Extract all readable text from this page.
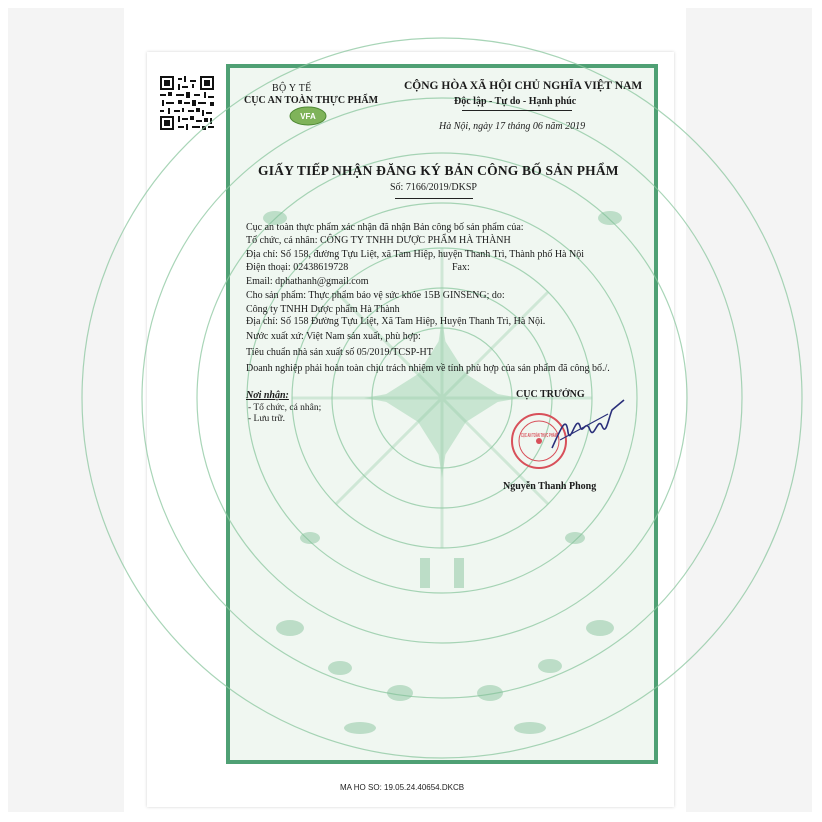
BỘ Y TẾ
CỤC AN TOÀN THỰC PHẨM
VFA
CỘNG HÒA XÃ HỘI CHỦ NGHĨA VIỆT NAM
Độc lập - Tự do - Hạnh phúc
Hà Nội, ngày 17 tháng 06 năm 2019
GIẤY TIẾP NHẬN ĐĂNG KÝ BẢN CÔNG BỐ SẢN PHẨM
Số: 7166/2019/DKSP
Cục an toàn thực phẩm xác nhận đã nhận Bản công bố sản phẩm của:
Tổ chức, cá nhân: CÔNG TY TNHH DƯỢC PHẨM HÀ THÀNH
Địa chỉ: Số 158, đường Tựu Liệt, xã Tam Hiệp, huyện Thanh Trì, Thành phố Hà Nội
Điện thoại: 02438619728	Fax:
Email: dphathanh@gmail.com
Cho sản phẩm: Thực phẩm bảo vệ sức khỏe 15B GINSENG; do:
Công ty TNHH Dược phẩm Hà Thành
Địa chỉ: Số 158 Đường Tựu Liệt, Xã Tam Hiệp, Huyện Thanh Trì, Hà Nội.
Nước xuất xứ: Việt Nam sản xuất, phù hợp:
Tiêu chuẩn nhà sản xuất số 05/2019/TCSP-HT
Doanh nghiệp phải hoàn toàn chịu trách nhiệm về tính phù hợp của sản phẩm đã công bố./.
Nơi nhận:
- Tổ chức, cá nhân;
- Lưu trữ.
CỤC TRƯỞNG
CỤC AN TOÀN THỰC PHẨM
Nguyễn Thanh Phong
MA HO SO: 19.05.24.40654.DKCB
